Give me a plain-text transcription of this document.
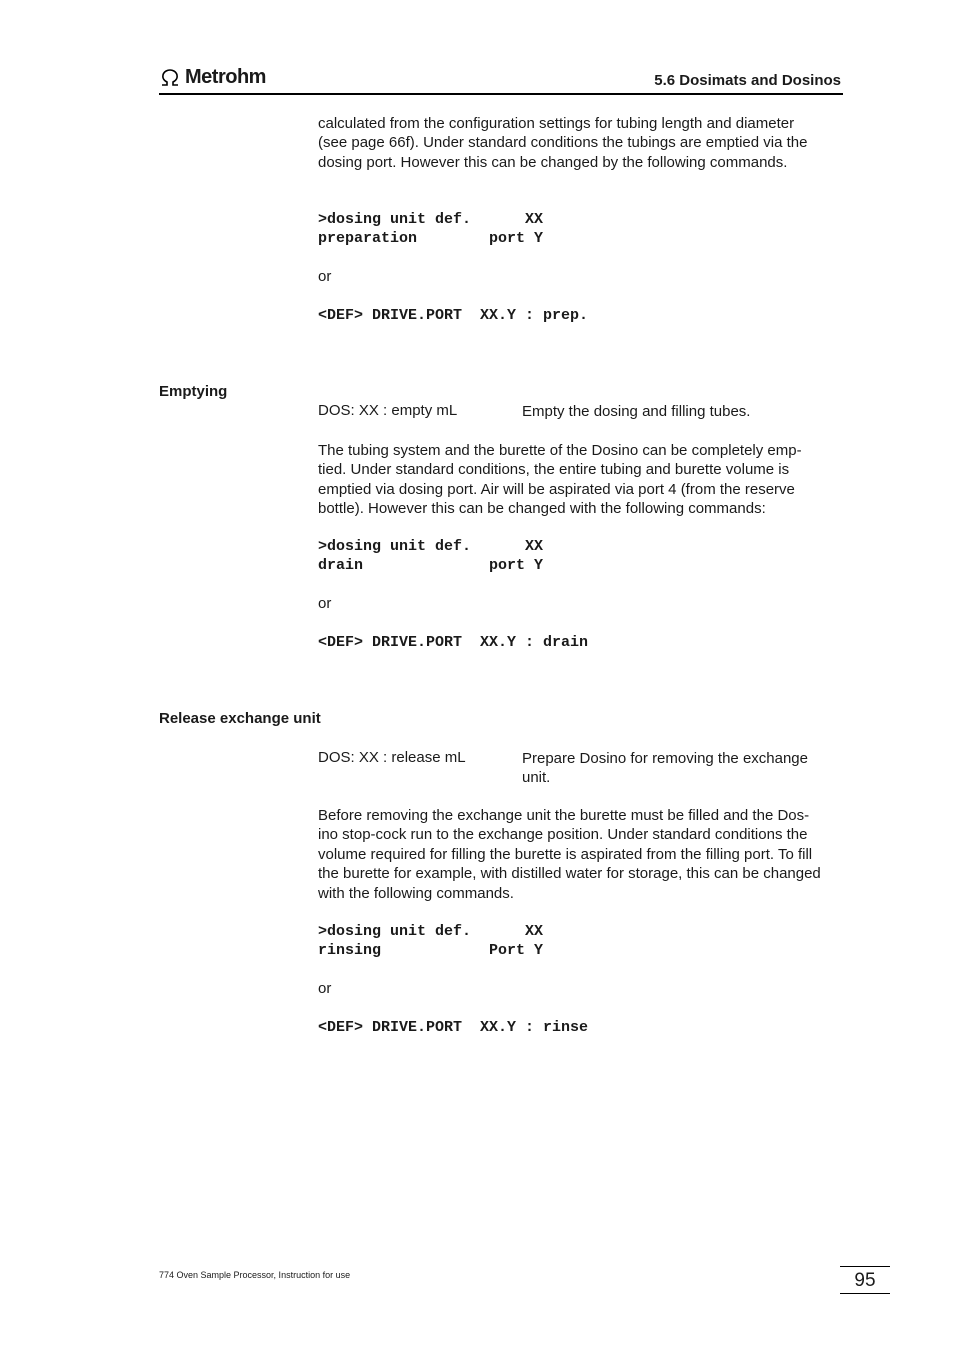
Metrohm	5.6 Dosimats and Dosinos

calculated from the configuration settings for tubing length and diameter

(see page 66f). Under standard conditions the tubings are emptied via the

dosing port. However this can be changed by the following commands.

>dosing unit def.      XX
preparation        port Y
or
<DEF> DRIVE.PORT  XX.Y : prep.
Emptying
DOS: XX : empty mL	Empty the dosing and filling tubes.

The tubing system and the burette of the Dosino can be completely emp-

tied. Under standard conditions, the entire tubing and burette volume is

emptied via dosing port. Air will be aspirated via port 4 (from the reserve

bottle). However this can be changed with the following commands:

>dosing unit def.      XX
drain              port Y
or
<DEF> DRIVE.PORT  XX.Y : drain
Release exchange unit
DOS: XX : release mL	Prepare Dosino for removing the exchange
unit.

Before removing the exchange unit the burette must be filled and the Dos-

ino stop-cock run to the exchange position. Under standard conditions the

volume required for filling the burette is aspirated from the filling port. To fill

the burette for example, with distilled water for storage, this can be changed

with the following commands.

>dosing unit def.      XX
rinsing            Port Y
or
<DEF> DRIVE.PORT  XX.Y : rinse
774 Oven Sample Processor, Instruction for use	95
